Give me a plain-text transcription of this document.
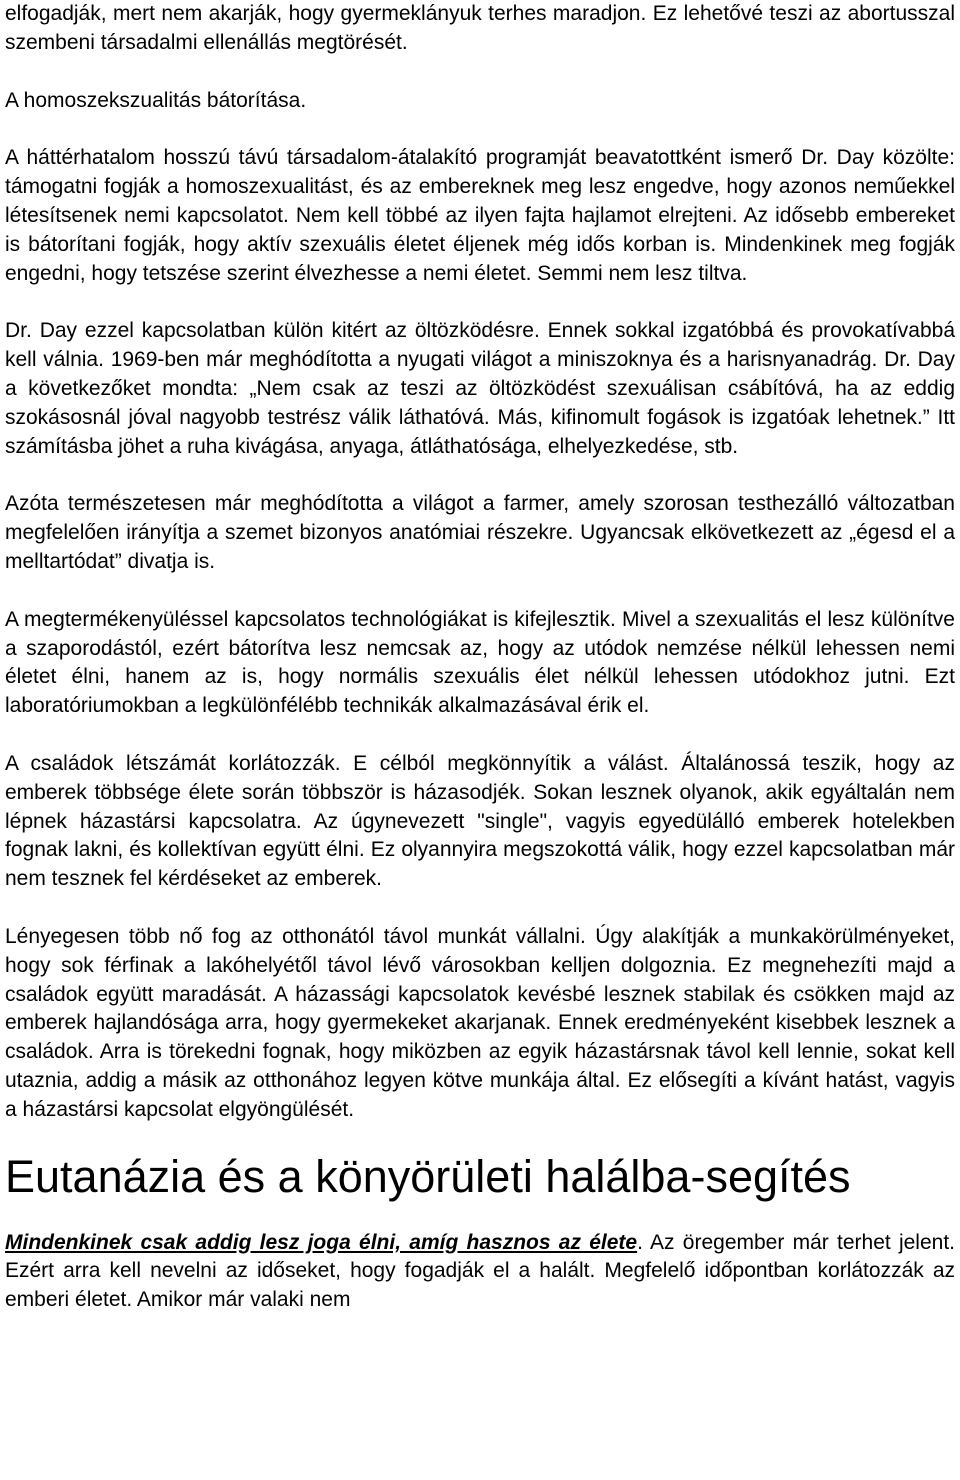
elfogadják, mert nem akarják, hogy gyermeklányuk terhes maradjon. Ez lehetővé teszi az abortusszal szembeni társadalmi ellenállás megtörését.

A homoszekszualitás bátorítása.

A háttérhatalom hosszú távú társadalom-átalakító programját beavatottként ismerő Dr. Day közölte: támogatni fogják a homoszexualitást, és az embereknek meg lesz engedve, hogy azonos neműekkel létesítsenek nemi kapcsolatot. Nem kell többé az ilyen fajta hajlamot elrejteni. Az idősebb embereket is bátorítani fogják, hogy aktív szexuális életet éljenek még idős korban is. Mindenkinek meg fogják engedni, hogy tetszése szerint élvezhesse a nemi életet. Semmi nem lesz tiltva.

Dr. Day ezzel kapcsolatban külön kitért az öltözködésre. Ennek sokkal izgatóbbá és provokatívabbá kell válnia. 1969-ben már meghódította a nyugati világot a miniszoknya és a harisnyanadrág. Dr. Day a következőket mondta: „Nem csak az teszi az öltözködést szexuálisan csábítóvá, ha az eddig szokásosnál jóval nagyobb testrész válik láthatóvá. Más, kifinomult fogások is izgatóak lehetnek.” Itt számításba jöhet a ruha kivágása, anyaga, átláthatósága, elhelyezkedése, stb.

Azóta természetesen már meghódította a világot a farmer, amely szorosan testhezálló változatban megfelelően irányítja a szemet bizonyos anatómiai részekre. Ugyancsak elkövetkezett az „égesd el a melltartódat” divatja is.

A megtermékenyüléssel kapcsolatos technológiákat is kifejlesztik. Mivel a szexualitás el lesz különítve a szaporodástól, ezért bátorítva lesz nemcsak az, hogy az utódok nemzése nélkül lehessen nemi életet élni, hanem az is, hogy normális szexuális élet nélkül lehessen utódokhoz jutni. Ezt laboratóriumokban a legkülönfélébb technikák alkalmazásával érik el.

A családok létszámát korlátozzák. E célból megkönnyítik a válást. Általánossá teszik, hogy az emberek többsége élete során többször is házasodjék. Sokan lesznek olyanok, akik egyáltalán nem lépnek házastársi kapcsolatra. Az úgynevezett "single", vagyis egyedülálló emberek hotelekben fognak lakni, és kollektívan együtt élni. Ez olyannyira megszokottá válik, hogy ezzel kapcsolatban már nem tesznek fel kérdéseket az emberek.

Lényegesen több nő fog az otthonától távol munkát vállalni. Úgy alakítják a munkakörülményeket, hogy sok férfinak a lakóhelyétől távol lévő városokban kelljen dolgoznia. Ez megnehezíti majd a családok együtt maradását. A házassági kapcsolatok kevésbé lesznek stabilak és csökken majd az emberek hajlandósága arra, hogy gyermekeket akarjanak. Ennek eredményeként kisebbek lesznek a családok. Arra is törekedni fognak, hogy miközben az egyik házastársnak távol kell lennie, sokat kell utaznia, addig a másik az otthonához legyen kötve munkája által. Ez elősegíti a kívánt hatást, vagyis a házastársi kapcsolat elgyöngülését.

Eutanázia és a könyörületi halálba-segítés

Mindenkinek csak addig lesz joga élni, amíg hasznos az élete. Az öregember már terhet jelent. Ezért arra kell nevelni az időseket, hogy fogadják el a halált. Megfelelő időpontban korlátozzák az emberi életet. Amikor már valaki nem
